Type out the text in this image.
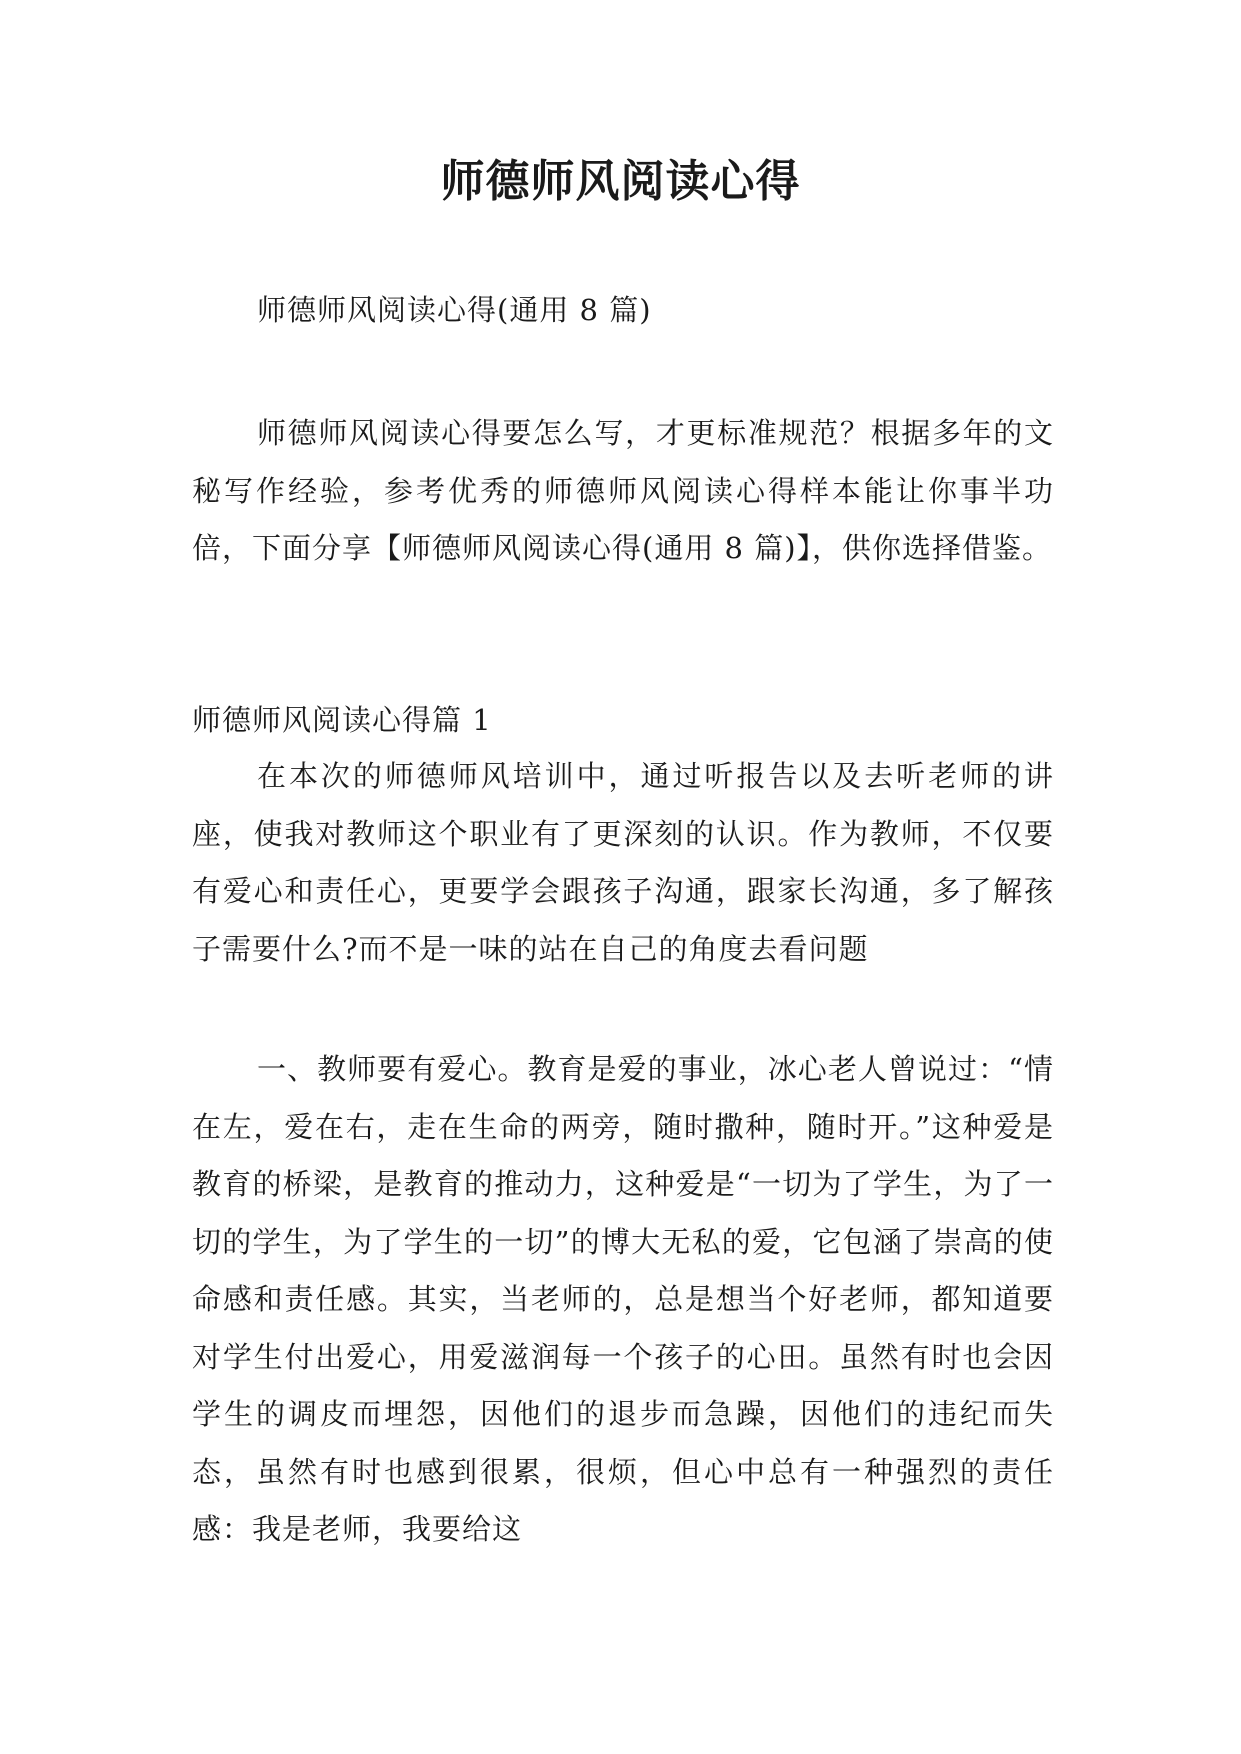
师德师风阅读心得
师德师风阅读心得(通用 8 篇)

师德师风阅读心得要怎么写，才更标准规范？根据多年的文秘写作经验，参考优秀的师德师风阅读心得样本能让你事半功倍，下面分享【师德师风阅读心得(通用 8 篇)】，供你选择借鉴。

师德师风阅读心得篇 1

在本次的师德师风培训中，通过听报告以及去听老师的讲座，使我对教师这个职业有了更深刻的认识。作为教师，不仅要有爱心和责任心，更要学会跟孩子沟通，跟家长沟通，多了解孩子需要什么?而不是一味的站在自己的角度去看问题

一、教师要有爱心。教育是爱的事业，冰心老人曾说过：“情在左，爱在右，走在生命的两旁，随时撒种，随时开。”这种爱是教育的桥梁，是教育的推动力，这种爱是“一切为了学生，为了一切的学生，为了学生的一切”的博大无私的爱，它包涵了崇高的使命感和责任感。其实，当老师的，总是想当个好老师，都知道要对学生付出爱心，用爱滋润每一个孩子的心田。虽然有时也会因学生的调皮而埋怨，因他们的退步而急躁，因他们的违纪而失态，虽然有时也感到很累，很烦，但心中总有一种强烈的责任感：我是老师，我要给这
